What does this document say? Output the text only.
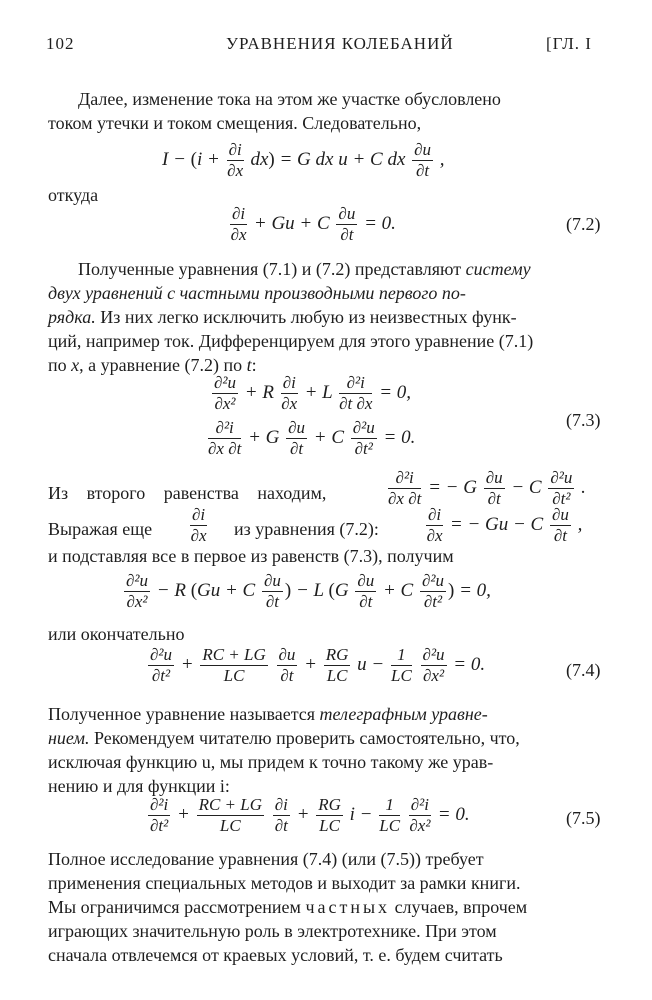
102	УРАВНЕНИЯ КОЛЕБАНИЙ	[ГЛ. I
Далее, изменение тока на этом же участке обусловлено
током утечки и током смещения. Следовательно,
$I - (i + \frac{\partial i}{\partial x} dx) = G$ dx u + C dx $\frac{\partial u}{\partial t}$ ,
откуда
$\frac{\partial i}{\partial x} + Gu + C \frac{\partial u}{\partial t} = 0$.	(7.2)
Полученные уравнения (7.1) и (7.2) представляют систему
двух уравнений с частными производными первого по-
рядка. Из них легко исключить любую из неизвестных функ-
ций, например ток. Дифференцируем для этого уравнение (7.1)
по x, а уравнение (7.2) по t:
$\frac{\text{∂²u}}{\text{∂x²}} + R \frac{\partial i}{\partial x} + L \frac{\text{∂²i}}{\partial t \partial x} = 0$,
$\frac{\text{∂²i}}{\partial x \partial t} + G \frac{\partial u}{\partial t} + C \frac{\text{∂²u}}{\text{∂t²}} = 0$.
(7.3)
Из второго равенства находим,	$\frac{\text{∂²i}}{\partial x \partial t}$ = − G $\frac{\partial u}{\partial t} - C \frac{\text{∂²u}}{\text{∂t²}}$ .
Выражая еще $\frac{\partial i}{\partial x}$ из уравнения (7.2):	$\frac{\partial i}{\partial x}$ = − Gu − C $\frac{\partial u}{\partial t}$ ,
и подставляя все в первое из равенств (7.3), получим
$\frac{\text{∂²u}}{\text{∂x²}} - R$ (Gu + C $\frac{\partial u}{\partial t}$ ) − L ($G \frac{\partial u}{\partial t} + C \frac{\text{∂²u}}{\text{∂t²}}$ ) = 0,
или окончательно
$\frac{\text{∂²u}}{\text{∂t²}} + \frac{RC + LG}{LC}$
$\frac{\partial u}{\partial t} + \frac{RG}{LC}$ $u - \frac{1}{LC}$
$\frac{\text{∂²u}}{\text{∂x²}} = 0$.	(7.4)
Полученное уравнение называется телеграфным уравне-
нием. Рекомендуем читателю проверить самостоятельно, что,
исключая функцию u, мы придем к точно такому же урав-
нению и для функции i:
$\frac{\text{∂²i}}{\text{∂t²}} + \frac{RC + LG}{LC}$
$\frac{\partial i}{\partial t} + \frac{RG}{LC}$ $i - \frac{1}{LC}$
$\frac{\text{∂²i}}{\text{∂x²}} = 0$.	(7.5)
Полное исследование уравнения (7.4) (или (7.5)) требует
применения специальных методов и выходит за рамки книги.
Мы ограничимся рассмотрением частных случаев, впрочем
играющих значительную роль в электротехнике. При этом
сначала отвлечемся от краевых условий, т. е. будем считать
